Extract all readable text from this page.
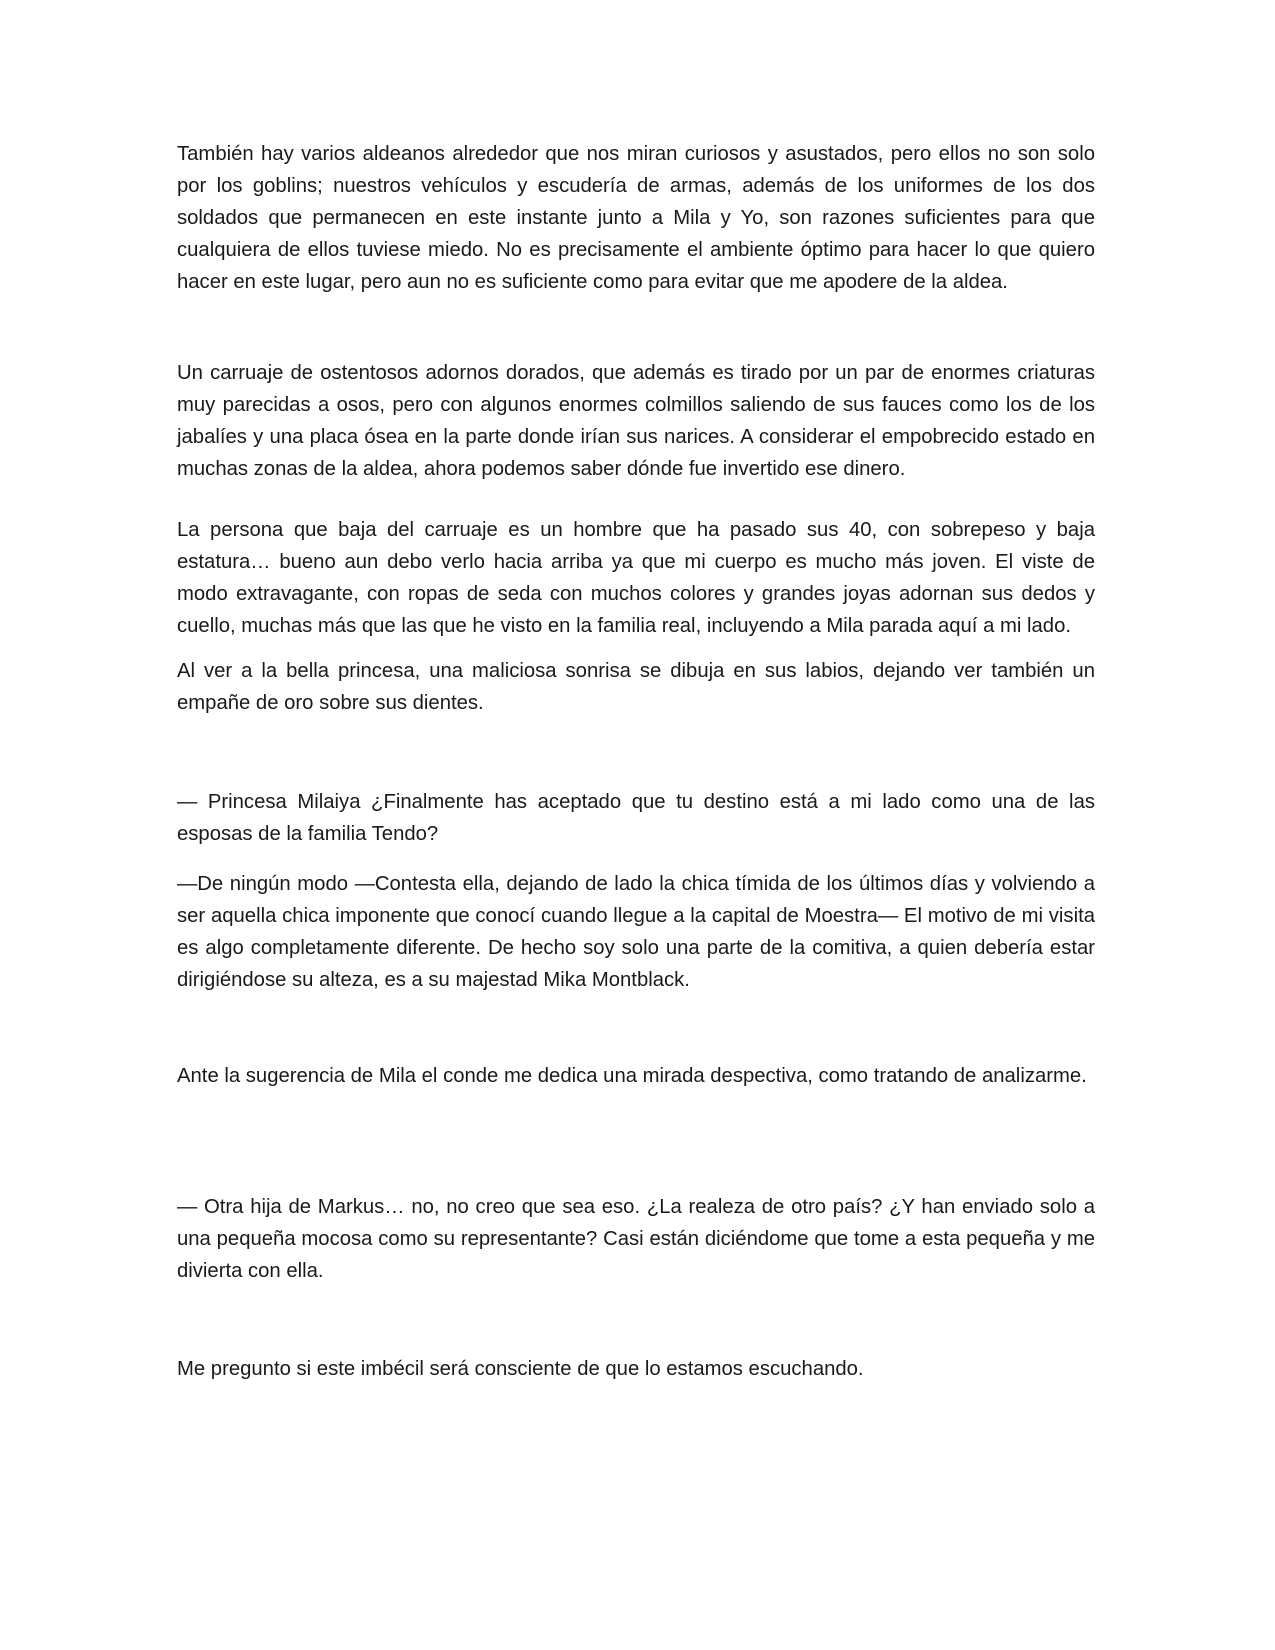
También hay varios aldeanos alrededor que nos miran curiosos y asustados, pero ellos no son solo por los goblins; nuestros vehículos y escudería de armas, además de los uniformes de los dos soldados que permanecen en este instante junto a Mila y Yo, son razones suficientes para que cualquiera de ellos tuviese miedo. No es precisamente el ambiente óptimo para hacer lo que quiero hacer en este lugar, pero aun no es suficiente como para evitar que me apodere de la aldea.

Un carruaje de ostentosos adornos dorados, que además es tirado por un par de enormes criaturas muy parecidas a osos, pero con algunos enormes colmillos saliendo de sus fauces como los de los jabalíes y una placa ósea en la parte donde irían sus narices. A considerar el empobrecido estado en muchas zonas de la aldea, ahora podemos saber dónde fue invertido ese dinero.

La persona que baja del carruaje es un hombre que ha pasado sus 40, con sobrepeso y baja estatura… bueno aun debo verlo hacia arriba ya que mi cuerpo es mucho más joven. El viste de modo extravagante, con ropas de seda con muchos colores y grandes joyas adornan sus dedos y cuello, muchas más que las que he visto en la familia real, incluyendo a Mila parada aquí a mi lado.

Al ver a la bella princesa, una maliciosa sonrisa se dibuja en sus labios, dejando ver también un empañe de oro sobre sus dientes.

— Princesa Milaiya ¿Finalmente has aceptado que tu destino está a mi lado como una de las esposas de la familia Tendo?

—De ningún modo —Contesta ella, dejando de lado la chica tímida de los últimos días y volviendo a ser aquella chica imponente que conocí cuando llegue a la capital de Moestra— El motivo de mi visita es algo completamente diferente. De hecho soy solo una parte de la comitiva, a quien debería estar dirigiéndose su alteza, es a su majestad Mika Montblack.

Ante la sugerencia de Mila el conde me dedica una mirada despectiva, como tratando de analizarme.

— Otra hija de Markus… no, no creo que sea eso. ¿La realeza de otro país? ¿Y han enviado solo a una pequeña mocosa como su representante? Casi están diciéndome que tome a esta pequeña y me divierta con ella.

Me pregunto si este imbécil será consciente de que lo estamos escuchando.
